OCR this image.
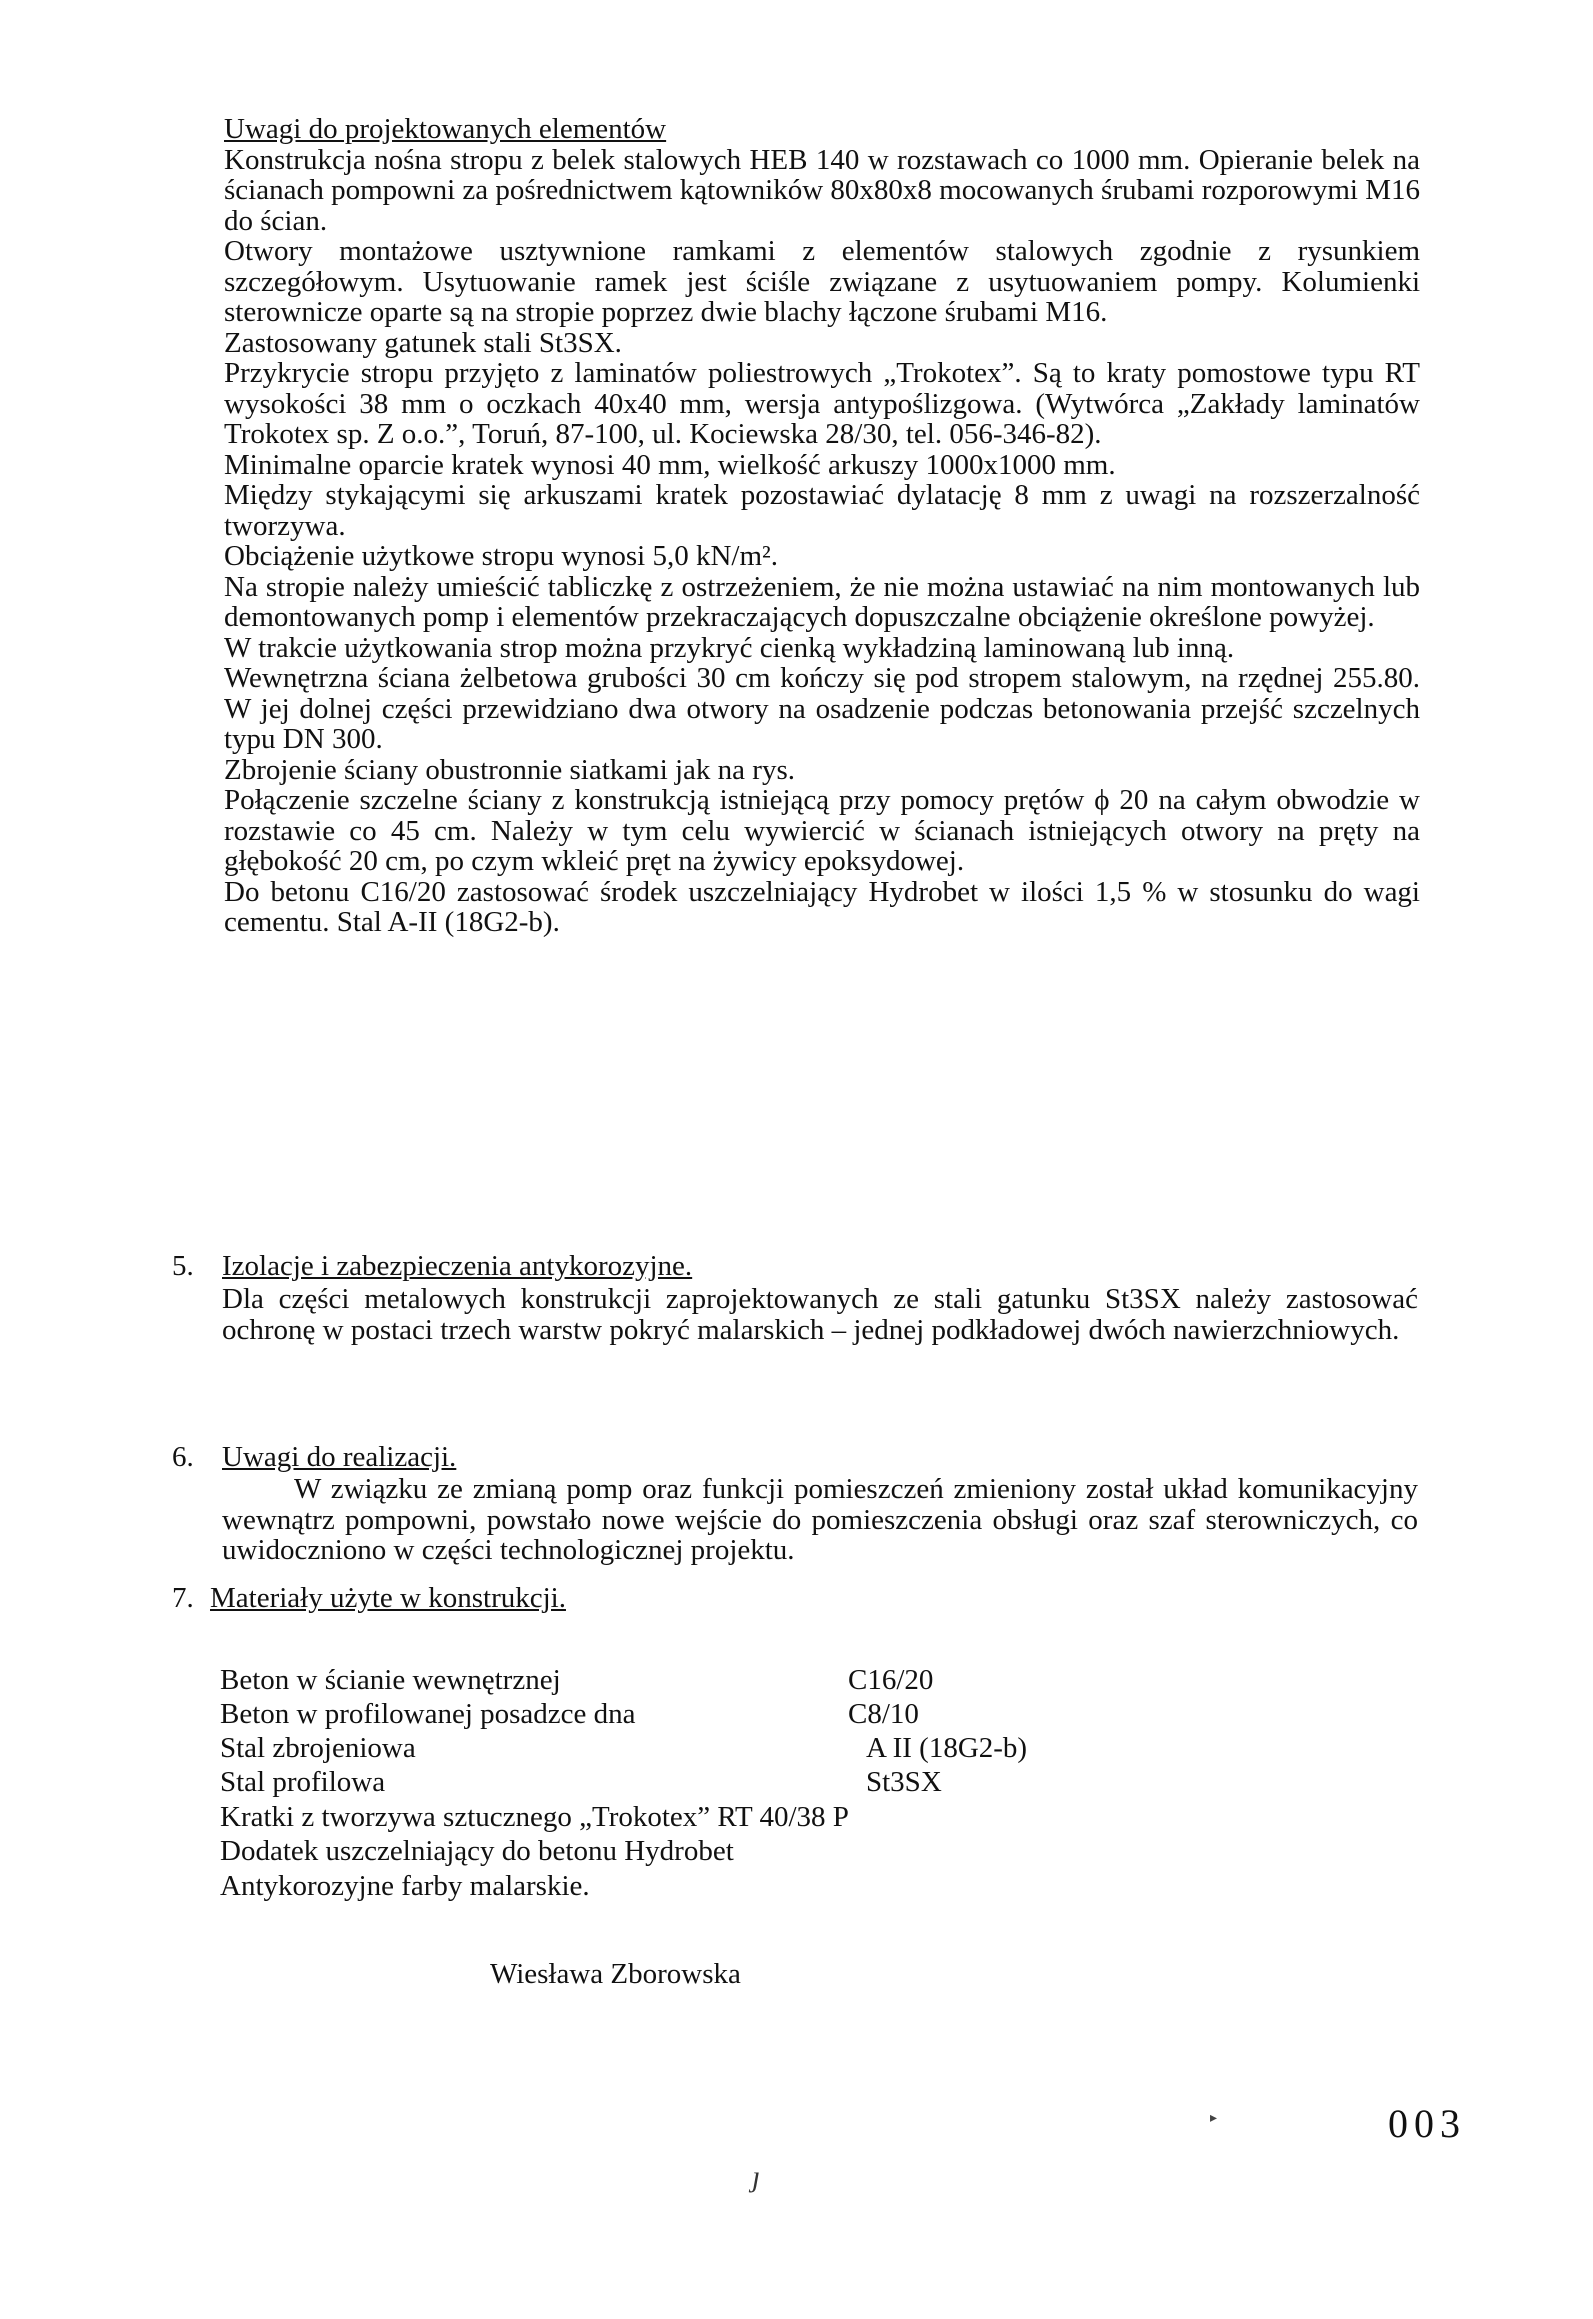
Uwagi do projektowanych elementów

Konstrukcja nośna stropu z belek stalowych HEB 140 w rozstawach co 1000 mm. Opieranie belek na ścianach pompowni za pośrednictwem kątowników 80x80x8 mocowanych śrubami rozporowymi M16 do ścian.

Otwory montażowe usztywnione ramkami z elementów stalowych zgodnie z rysunkiem szczegółowym. Usytuowanie ramek jest ściśle związane z usytuowaniem pompy. Kolumienki sterownicze oparte są na stropie poprzez dwie blachy łączone śrubami M16.

Zastosowany gatunek stali St3SX.

Przykrycie stropu przyjęto z laminatów poliestrowych „Trokotex”. Są to kraty pomostowe typu RT wysokości 38 mm o oczkach 40x40 mm, wersja antypoślizgowa. (Wytwórca „Zakłady laminatów Trokotex sp. Z o.o.”, Toruń, 87-100, ul. Kociewska 28/30, tel. 056-346-82).

Minimalne oparcie kratek wynosi 40 mm, wielkość arkuszy 1000x1000 mm.

Między stykającymi się arkuszami kratek pozostawiać dylatację 8 mm z uwagi na rozszerzalność tworzywa.

Obciążenie użytkowe stropu wynosi 5,0 kN/m².

Na stropie należy umieścić tabliczkę z ostrzeżeniem, że nie można ustawiać na nim montowanych lub demontowanych pomp i elementów przekraczających dopuszczalne obciążenie określone powyżej.

W trakcie użytkowania strop można przykryć cienką wykładziną laminowaną lub inną.

Wewnętrzna ściana żelbetowa grubości 30 cm kończy się pod stropem stalowym, na rzędnej 255.80. W jej dolnej części przewidziano dwa otwory na osadzenie podczas betonowania przejść szczelnych typu DN 300.

Zbrojenie ściany obustronnie siatkami jak na rys.

Połączenie szczelne ściany z konstrukcją istniejącą przy pomocy prętów ϕ 20 na całym obwodzie w rozstawie co 45 cm. Należy w tym celu wywiercić w ścianach istniejących otwory na pręty na głębokość 20 cm, po czym wkleić pręt na żywicy epoksydowej.

Do betonu C16/20 zastosować środek uszczelniający Hydrobet w ilości 1,5 % w stosunku do wagi cementu. Stal A-II (18G2-b).

5. Izolacje i zabezpieczenia antykorozyjne.
Dla części metalowych konstrukcji zaprojektowanych ze stali gatunku St3SX należy zastosować ochronę w postaci trzech warstw pokryć malarskich – jednej podkładowej dwóch nawierzchniowych.
6. Uwagi do realizacji.
W związku ze zmianą pomp oraz funkcji pomieszczeń zmieniony został układ komunikacyjny wewnątrz pompowni, powstało nowe wejście do pomieszczenia obsługi oraz szaf sterowniczych, co uwidoczniono w części technologicznej projektu.
7. Materiały użyte w konstrukcji.
Beton w ścianie wewnętrznej	C16/20
Beton w profilowanej posadzce dna	C8/10
Stal zbrojeniowa	A II (18G2-b)
Stal profilowa	St3SX
Kratki z tworzywa sztucznego „Trokotex” RT 40/38 P
Dodatek uszczelniający do betonu Hydrobet
Antykorozyjne farby malarskie.
Wiesława Zborowska
▸	003
ȷ
